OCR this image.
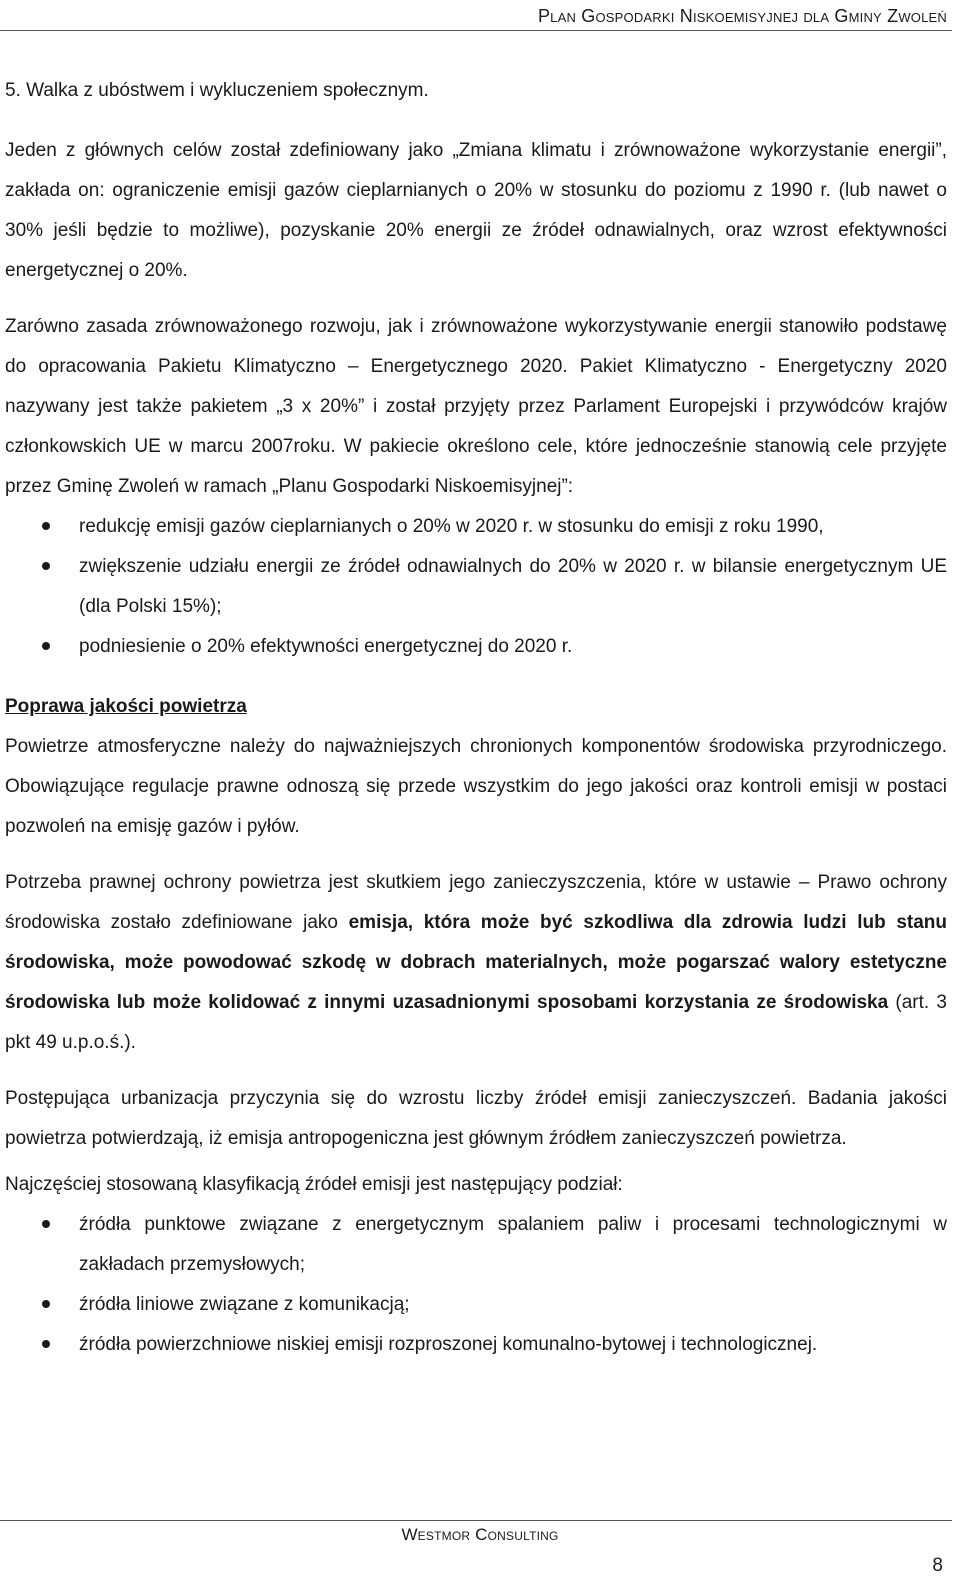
Plan Gospodarki Niskoemisyjnej dla Gminy Zwoleń

5. Walka z ubóstwem i wykluczeniem społecznym.

Jeden z głównych celów został zdefiniowany jako „Zmiana klimatu i zrównoważone wykorzystanie energii”, zakłada on: ograniczenie emisji gazów cieplarnianych o 20% w stosunku do poziomu z 1990 r. (lub nawet o 30% jeśli będzie to możliwe), pozyskanie 20% energii ze źródeł odnawialnych, oraz wzrost efektywności energetycznej o 20%.

Zarówno zasada zrównoważonego rozwoju, jak i zrównoważone wykorzystywanie energii stanowiło podstawę do opracowania Pakietu Klimatyczno – Energetycznego 2020. Pakiet Klimatyczno - Energetyczny 2020 nazywany jest także pakietem „3 x 20%” i został przyjęty przez Parlament Europejski i przywódców krajów członkowskich UE w marcu 2007roku. W pakiecie określono cele, które jednocześnie stanowią cele przyjęte przez Gminę Zwoleń w ramach „Planu Gospodarki Niskoemisyjnej”:

redukcję emisji gazów cieplarnianych o 20% w 2020 r. w stosunku do emisji z roku 1990,
zwiększenie udziału energii ze źródeł odnawialnych do 20% w 2020 r. w bilansie energetycznym UE (dla Polski 15%);
podniesienie o 20% efektywności energetycznej do 2020 r.

Poprawa jakości powietrza

Powietrze atmosferyczne należy do najważniejszych chronionych komponentów środowiska przyrodniczego. Obowiązujące regulacje prawne odnoszą się przede wszystkim do jego jakości oraz kontroli emisji w postaci pozwoleń na emisję gazów i pyłów.

Potrzeba prawnej ochrony powietrza jest skutkiem jego zanieczyszczenia, które w ustawie – Prawo ochrony środowiska zostało zdefiniowane jako emisja, która może być szkodliwa dla zdrowia ludzi lub stanu środowiska, może powodować szkodę w dobrach materialnych, może pogarszać walory estetyczne środowiska lub może kolidować z innymi uzasadnionymi sposobami korzystania ze środowiska (art. 3 pkt 49 u.p.o.ś.).

Postępująca urbanizacja przyczynia się do wzrostu liczby źródeł emisji zanieczyszczeń. Badania jakości powietrza potwierdzają, iż emisja antropogeniczna jest głównym źródłem zanieczyszczeń powietrza.

Najczęściej stosowaną klasyfikacją źródeł emisji jest następujący podział:

źródła punktowe związane z energetycznym spalaniem paliw i procesami technologicznymi w zakładach przemysłowych;
źródła liniowe związane z komunikacją;
źródła powierzchniowe niskiej emisji rozproszonej komunalno-bytowej i technologicznej.
Westmor Consulting
8
